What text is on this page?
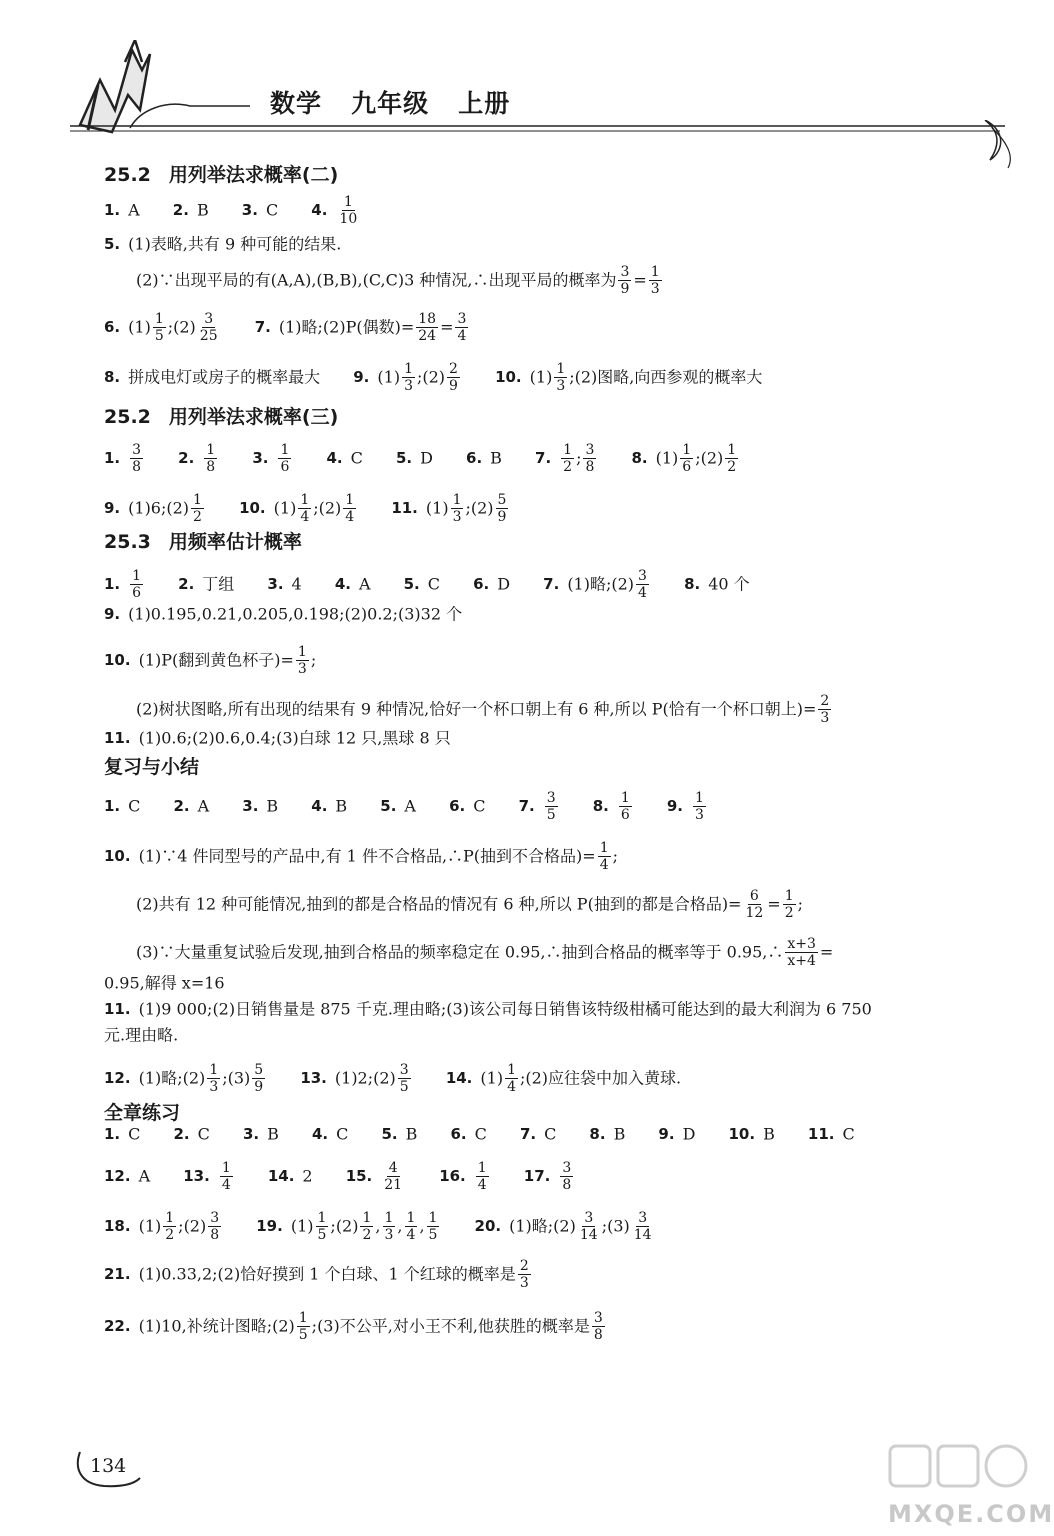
数学   九年级   上册
25.2 用列举法求概率(二)
1. A 2. B 3. C 4. $\frac{1}{10}$
5. (1)表略,共有 9 种可能的结果.
(2)∵出现平局的有(A,A),(B,B),(C,C)3 种情况,∴出现平局的概率为 $\frac{3}{9} = \frac{1}{3}$
6. $(1) \frac{1}{5}$ ;(2) $\frac{3}{25} 7$. (1)略;(2)P(偶数)= $\frac{18}{24} = \frac{3}{4}$
8. 拼成电灯或房子的概率最大 9. $(1) \frac{1}{3}$ ;(2) $\frac{2}{9} 10$. $(1) \frac{1}{3}$ ;(2)图略,向西参观的概率大
25.2 用列举法求概率(三)
1. $\frac{3}{8} 2$. $\frac{1}{8} 3$. $\frac{1}{6} 4$. C 5. D 6. B 7. $\frac{1}{2}$ ; $\frac{3}{8} 8$. $(1) \frac{1}{6}$ ;(2) $\frac{1}{2}$
9. (1)6;(2) $\frac{1}{2} 10$. $(1) \frac{1}{4}$ ;(2) $\frac{1}{4} 11$. $(1) \frac{1}{3}$ ;(2) $\frac{5}{9}$
25.3 用频率估计概率
1. $\frac{1}{6} 2$. 丁组 3. 4 4. A 5. C 6. D 7. (1)略;(2) $\frac{3}{4} 8$. 40 个
9. (1)0.195,0.21,0.205,0.198;(2)0.2;(3)32 个
10. (1)P(翻到黄色杯子)= $\frac{1}{3}$ ;
(2)树状图略,所有出现的结果有 9 种情况,恰好一个杯口朝上有 6 种,所以 P(恰有一个杯口朝上)= $\frac{2}{3}$
11. (1)0.6;(2)0.6,0.4;(3)白球 12 只,黑球 8 只
复习与小结
1. C 2. A 3. B 4. B 5. A 6. C 7. $\frac{3}{5} 8$. $\frac{1}{6} 9$. $\frac{1}{3}$
10. (1)∵4 件同型号的产品中,有 1 件不合格品,∴P(抽到不合格品)= $\frac{1}{4}$ ;
(2)共有 12 种可能情况,抽到的都是合格品的情况有 6 种,所以 P(抽到的都是合格品)= $\frac{6}{12} = \frac{1}{2}$ ;
(3)∵大量重复试验后发现,抽到合格品的频率稳定在 0.95,∴抽到合格品的概率等于 0.95,∴ $\frac{x+3}{x+4}$ =
0.95,解得 x=16
11. (1)9 000;(2)日销售量是 875 千克.理由略;(3)该公司每日销售该特级柑橘可能达到的最大利润为 6 750
元.理由略.
12. (1)略;(2) $\frac{1}{3}$ ;(3) $\frac{5}{9} 13$. (1)2;(2) $\frac{3}{5} 14$. $(1) \frac{1}{4}$ ;(2)应往袋中加入黄球.
全章练习
1. C 2. C 3. B 4. C 5. B 6. C 7. C 8. B 9. D 10. B 11. C
12. A 13. $\frac{1}{4} 14$. 2 15. $\frac{4}{21} 16$. $\frac{1}{4} 17$. $\frac{3}{8}$
18. $(1) \frac{1}{2}$ ;(2) $\frac{3}{8} 19$. $(1) \frac{1}{5}$ ;(2) $\frac{1}{2}$ , $\frac{1}{3}$ , $\frac{1}{4}$ , $\frac{1}{5} 20$. (1)略;(2) $\frac{3}{14}$ ;(3) $\frac{3}{14}$
21. (1)0.33,2;(2)恰好摸到 1 个白球、1 个红球的概率是 $\frac{2}{3}$
22. (1)10,补统计图略;(2) $\frac{1}{5}$ ;(3)不公平,对小王不利,他获胜的概率是 $\frac{3}{8}$
134
MXQE.COM
